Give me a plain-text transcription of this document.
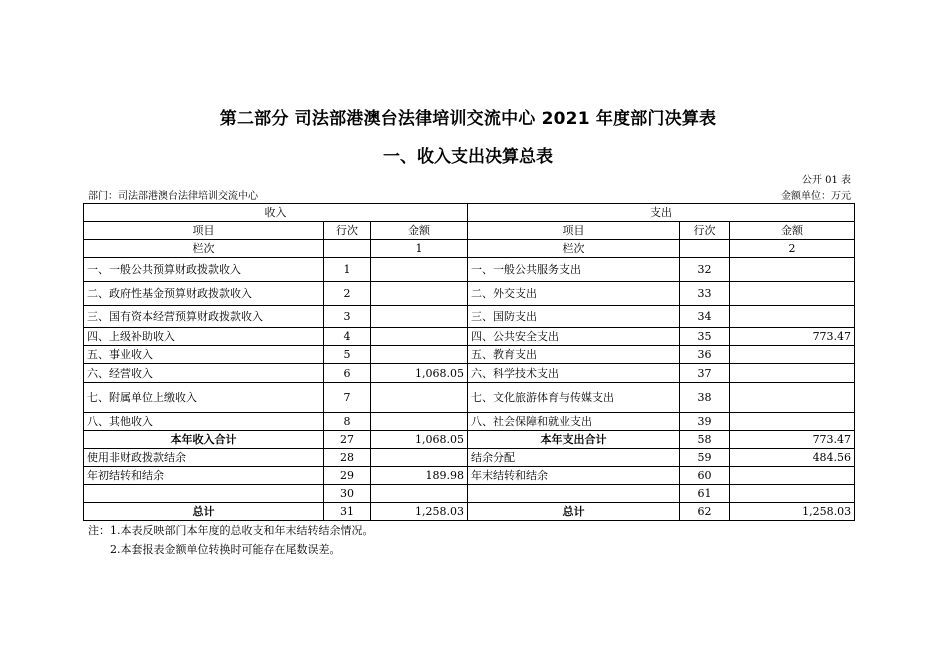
第二部分 司法部港澳台法律培训交流中心 2021 年度部门决算表
一、收入支出决算总表
公开 01 表
部门：司法部港澳台法律培训交流中心	金额单位：万元
收入			支出		
项目	行次	金额	项目	行次	金额
栏次		1	栏次		2
一、一般公共预算财政拨款收入	1		一、一般公共服务支出	32	
二、政府性基金预算财政拨款收入	2		二、外交支出	33	
三、国有资本经营预算财政拨款收入	3		三、国防支出	34	
四、上级补助收入	4		四、公共安全支出	35	773.47
五、事业收入	5		五、教育支出	36	
六、经营收入	6	1,068.05	六、科学技术支出	37	
七、附属单位上缴收入	7		七、文化旅游体育与传媒支出	38	
八、其他收入	8		八、社会保障和就业支出	39	
本年收入合计	27	1,068.05	本年支出合计	58	773.47
使用非财政拨款结余	28		结余分配	59	484.56
年初结转和结余	29	189.98	年末结转和结余	60	
	30			61	
总计	31	1,258.03	总计	62	1,258.03
注：1.本表反映部门本年度的总收支和年末结转结余情况。
2.本套报表金额单位转换时可能存在尾数误差。
